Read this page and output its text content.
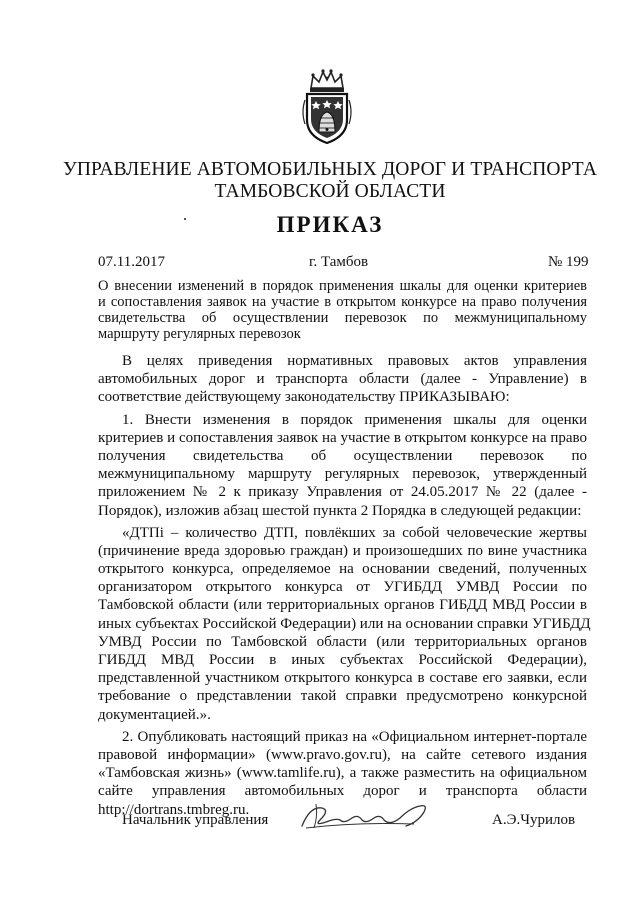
УПРАВЛЕНИЕ АВТОМОБИЛЬНЫХ ДОРОГ И ТРАНСПОРТА
ТАМБОВСКОЙ ОБЛАСТИ
ПРИКАЗ
07.11.2017	г. Тамбов	№ 199
О внесении изменений в порядок применения шкалы для оценки критериев
и сопоставления заявок на участие в открытом конкурсе на право получения
свидетельства об осуществлении перевозок по межмуниципальному
маршруту регулярных перевозок
В целях приведения нормативных правовых актов управления
автомобильных дорог и транспорта области (далее - Управление) в
соответствие действующему законодательству ПРИКАЗЫВАЮ:
1. Внести изменения в порядок применения шкалы для оценки
критериев и сопоставления заявок на участие в открытом конкурсе на право
получения свидетельства об осуществлении перевозок по
межмуниципальному маршруту регулярных перевозок, утвержденный
приложением № 2 к приказу Управления от 24.05.2017 № 22 (далее -
Порядок), изложив абзац шестой пункта 2 Порядка в следующей редакции:
«ДТПi – количество ДТП, повлёкших за собой человеческие жертвы
(причинение вреда здоровью граждан) и произошедших по вине участника
открытого конкурса, определяемое на основании сведений, полученных
организатором открытого конкурса от УГИБДД УМВД России по
Тамбовской области (или территориальных органов ГИБДД МВД России в
иных субъектах Российской Федерации) или на основании справки УГИБДД
УМВД России по Тамбовской области (или территориальных органов
ГИБДД МВД России в иных субъектах Российской Федерации),
представленной участником открытого конкурса в составе его заявки, если
требование о представлении такой справки предусмотрено конкурсной
документацией.».
2. Опубликовать настоящий приказ на «Официальном интернет-портале
правовой информации» (www.pravo.gov.ru), на сайте сетевого издания
«Тамбовская жизнь» (www.tamlife.ru), а также разместить на официальном
сайте управления автомобильных дорог и транспорта области
http://dortrans.tmbreg.ru.
Начальник управления	А.Э.Чурилов
